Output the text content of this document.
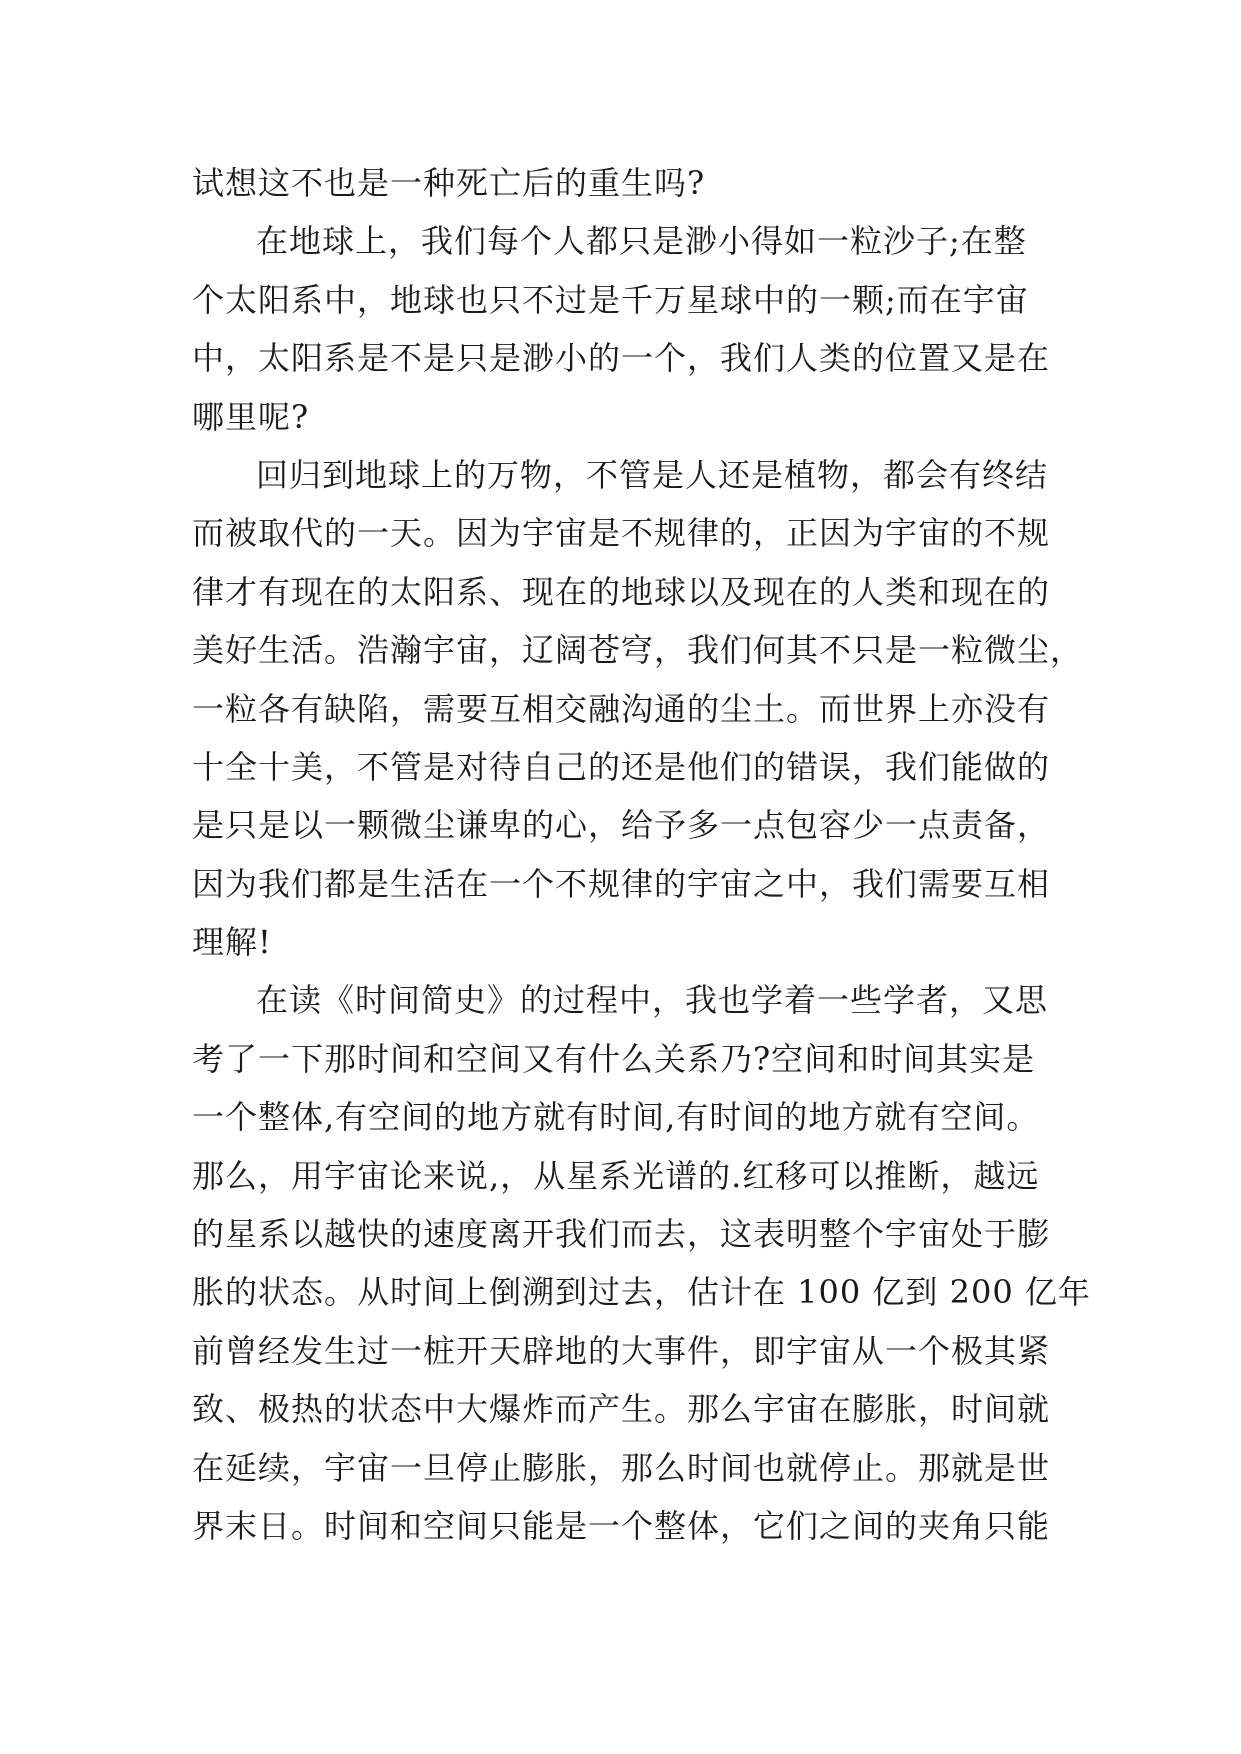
试想这不也是一种死亡后的重生吗?
在地球上，我们每个人都只是渺小得如一粒沙子;在整
个太阳系中，地球也只不过是千万星球中的一颗;而在宇宙
中，太阳系是不是只是渺小的一个，我们人类的位置又是在
哪里呢?
回归到地球上的万物，不管是人还是植物，都会有终结
而被取代的一天。因为宇宙是不规律的，正因为宇宙的不规
律才有现在的太阳系、现在的地球以及现在的人类和现在的
美好生活。浩瀚宇宙，辽阔苍穹，我们何其不只是一粒微尘，
一粒各有缺陷，需要互相交融沟通的尘土。而世界上亦没有
十全十美，不管是对待自己的还是他们的错误，我们能做的
是只是以一颗微尘谦卑的心，给予多一点包容少一点责备，
因为我们都是生活在一个不规律的宇宙之中，我们需要互相
理解!
在读《时间简史》的过程中，我也学着一些学者，又思
考了一下那时间和空间又有什么关系乃?空间和时间其实是
一个整体,有空间的地方就有时间,有时间的地方就有空间。
那么，用宇宙论来说,，从星系光谱的.红移可以推断，越远
的星系以越快的速度离开我们而去，这表明整个宇宙处于膨
胀的状态。从时间上倒溯到过去，估计在 100 亿到 200 亿年
前曾经发生过一桩开天辟地的大事件，即宇宙从一个极其紧
致、极热的状态中大爆炸而产生。那么宇宙在膨胀，时间就
在延续，宇宙一旦停止膨胀，那么时间也就停止。那就是世
界末日。时间和空间只能是一个整体，它们之间的夹角只能
